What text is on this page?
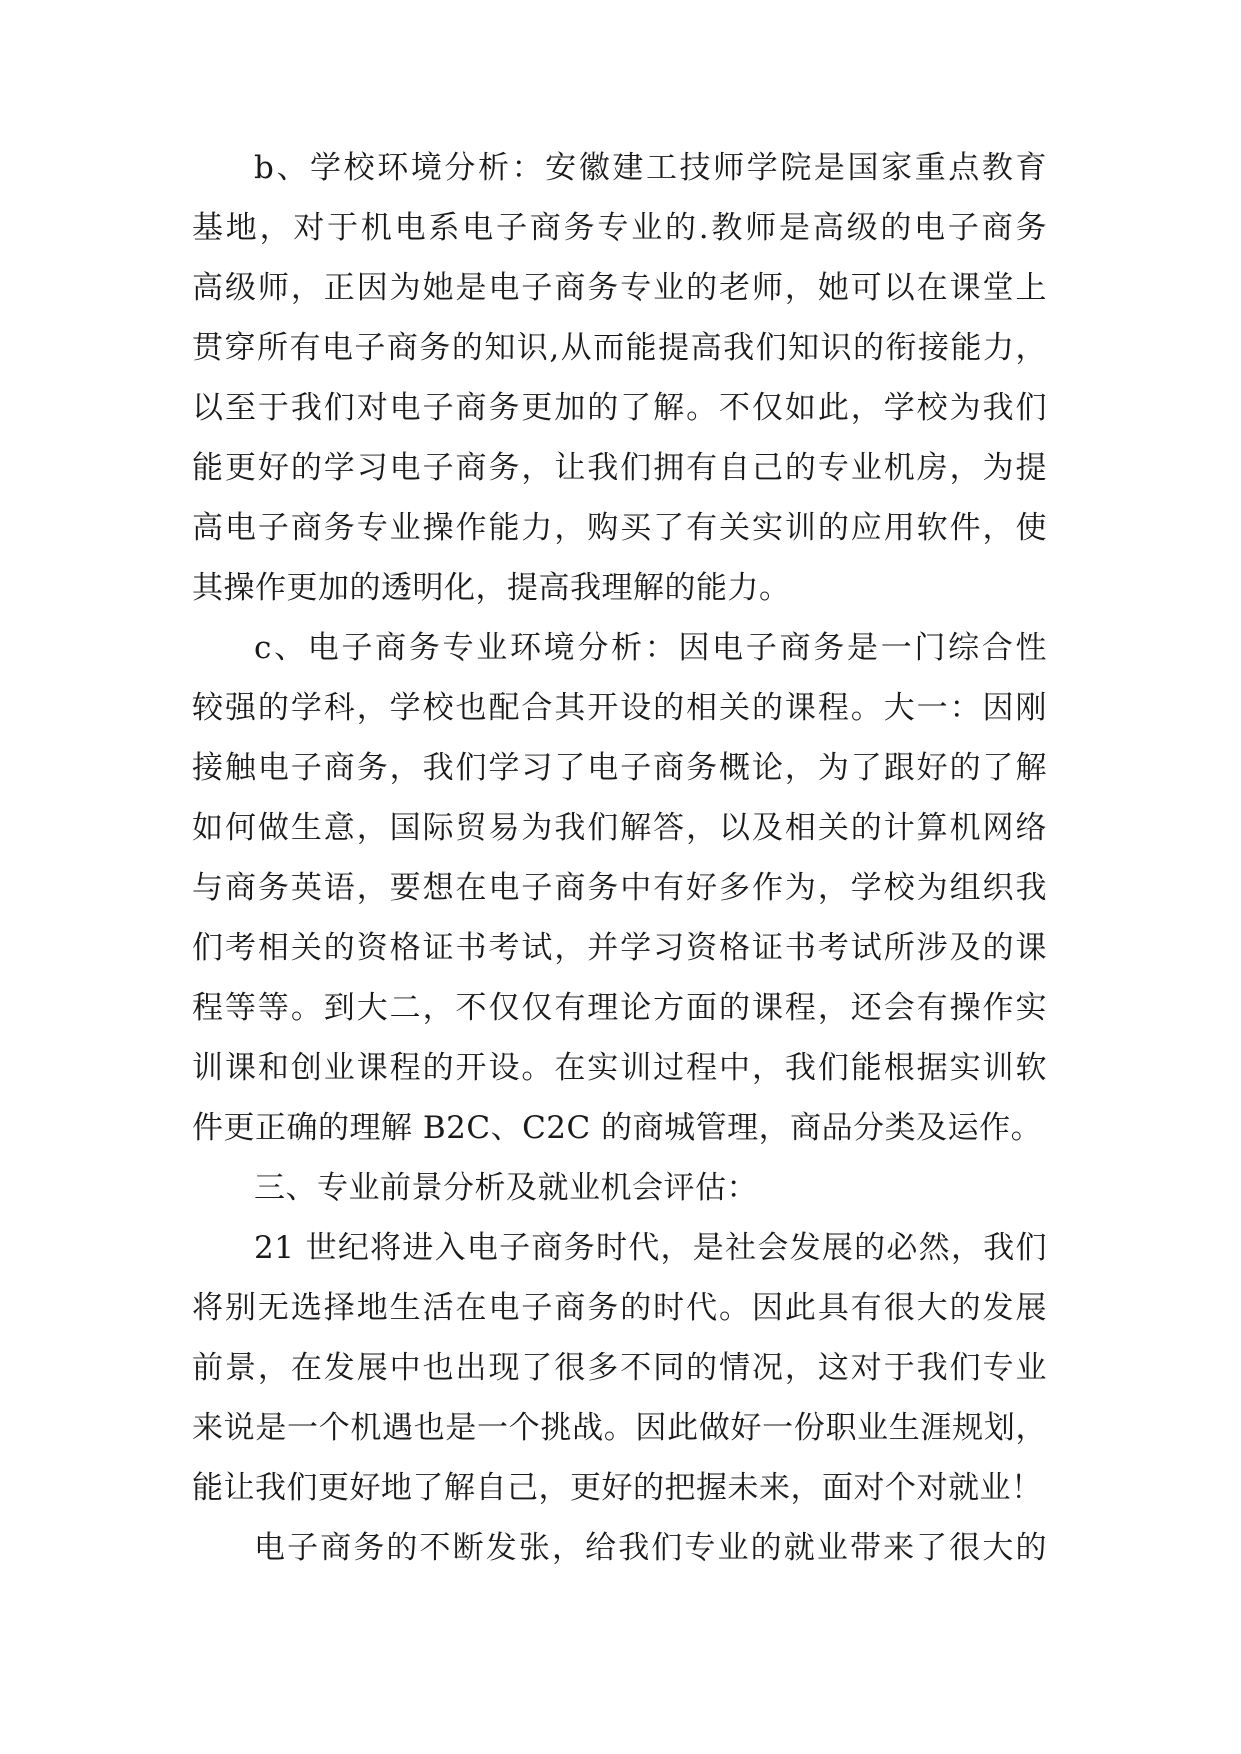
b、学校环境分析：安徽建工技师学院是国家重点教育
基地，对于机电系电子商务专业的.教师是高级的电子商务
高级师，正因为她是电子商务专业的老师，她可以在课堂上
贯穿所有电子商务的知识,从而能提高我们知识的衔接能力，
以至于我们对电子商务更加的了解。不仅如此，学校为我们
能更好的学习电子商务，让我们拥有自己的专业机房，为提
高电子商务专业操作能力，购买了有关实训的应用软件，使
其操作更加的透明化，提高我理解的能力。
c、电子商务专业环境分析：因电子商务是一门综合性
较强的学科，学校也配合其开设的相关的课程。大一：因刚
接触电子商务，我们学习了电子商务概论，为了跟好的了解
如何做生意，国际贸易为我们解答，以及相关的计算机网络
与商务英语，要想在电子商务中有好多作为，学校为组织我
们考相关的资格证书考试，并学习资格证书考试所涉及的课
程等等。到大二，不仅仅有理论方面的课程，还会有操作实
训课和创业课程的开设。在实训过程中，我们能根据实训软
件更正确的理解 B2C、C2C 的商城管理，商品分类及运作。
三、专业前景分析及就业机会评估：
21 世纪将进入电子商务时代，是社会发展的必然，我们
将别无选择地生活在电子商务的时代。因此具有很大的发展
前景，在发展中也出现了很多不同的情况，这对于我们专业
来说是一个机遇也是一个挑战。因此做好一份职业生涯规划，
能让我们更好地了解自己，更好的把握未来，面对个对就业！
电子商务的不断发张，给我们专业的就业带来了很大的
